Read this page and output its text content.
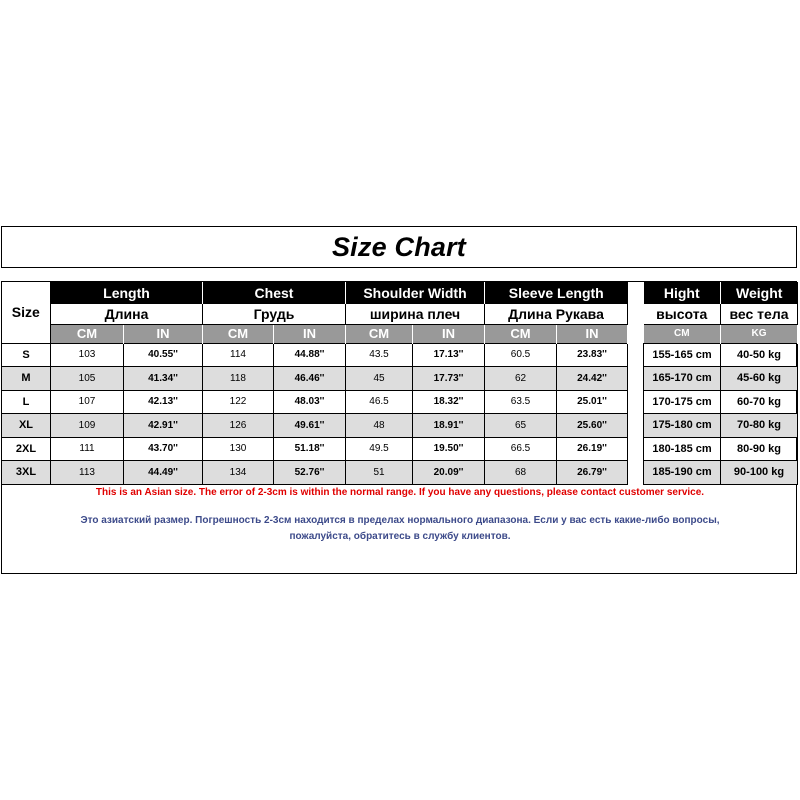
Size Chart
Size	Length		Chest		Shoulder Width		Sleeve Length	
	Длина		Грудь		ширина плеч		Длина Рукава	
	CM	IN	CM	IN	CM	IN	CM	IN
S	103	40.55''	114	44.88''	43.5	17.13''	60.5	23.83''
M	105	41.34''	118	46.46''	45	17.73''	62	24.42''
L	107	42.13''	122	48.03''	46.5	18.32''	63.5	25.01''
XL	109	42.91''	126	49.61''	48	18.91''	65	25.60''
2XL	111	43.70''	130	51.18''	49.5	19.50''	66.5	26.19''
3XL	113	44.49''	134	52.76''	51	20.09''	68	26.79''
Hight	Weight
высота	вес тела
CM	KG
155-165 cm	40-50 kg
165-170 cm	45-60 kg
170-175 cm	60-70 kg
175-180 cm	70-80 kg
180-185 cm	80-90 kg
185-190 cm	90-100 kg
This is an Asian size. The error of 2-3cm is within the normal range. If you have any questions, please contact customer service.
Это азиатский размер. Погрешность 2-3см находится в пределах нормального диапазона. Если у вас есть какие-либо вопросы, пожалуйста, обратитесь в службу клиентов.
